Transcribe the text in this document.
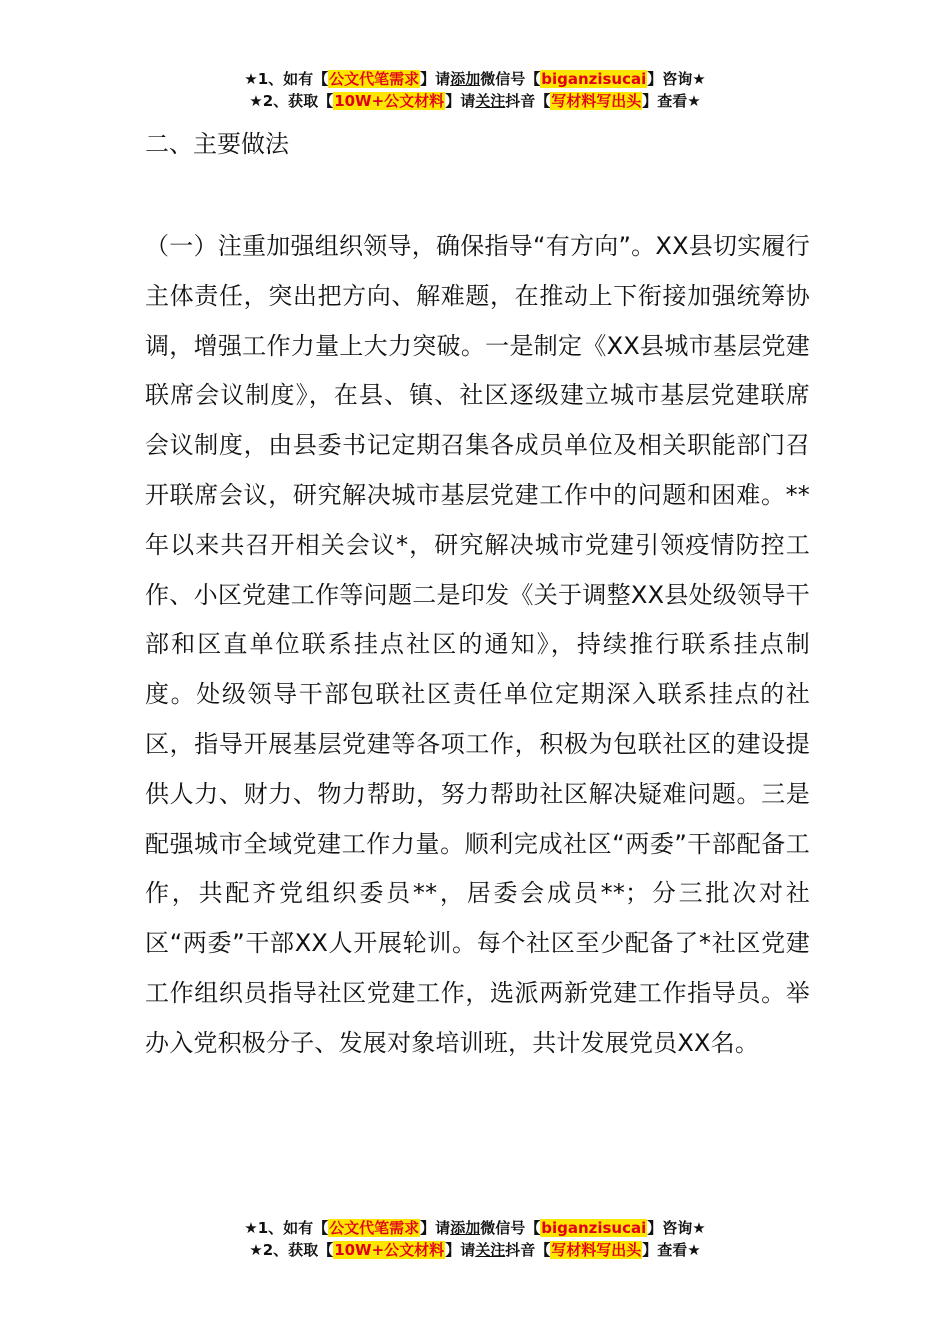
★1、如有【公文代笔需求】请添加微信号【biganzisucai】咨询★
★2、获取【10W+公文材料】请关注抖音【写材料写出头】查看★
二、主要做法

（一）注重加强组织领导，确保指导“有方向”。XX县切实履行主体责任，突出把方向、解难题，在推动上下衔接加强统筹协调，增强工作力量上大力突破。一是制定《XX县城市基层党建联席会议制度》，在县、镇、社区逐级建立城市基层党建联席会议制度，由县委书记定期召集各成员单位及相关职能部门召开联席会议，研究解决城市基层党建工作中的问题和困难。**年以来共召开相关会议*，研究解决城市党建引领疫情防控工作、小区党建工作等问题二是印发《关于调整XX县处级领导干部和区直单位联系挂点社区的通知》，持续推行联系挂点制度。处级领导干部包联社区责任单位定期深入联系挂点的社区，指导开展基层党建等各项工作，积极为包联社区的建设提供人力、财力、物力帮助，努力帮助社区解决疑难问题。三是配强城市全域党建工作力量。顺利完成社区“两委”干部配备工作，共配齐党组织委员**，居委会成员**；分三批次对社区“两委”干部XX人开展轮训。每个社区至少配备了*社区党建工作组织员指导社区党建工作，选派两新党建工作指导员。举办入党积极分子、发展对象培训班，共计发展党员XX名。

★1、如有【公文代笔需求】请添加微信号【biganzisucai】咨询★
★2、获取【10W+公文材料】请关注抖音【写材料写出头】查看★
